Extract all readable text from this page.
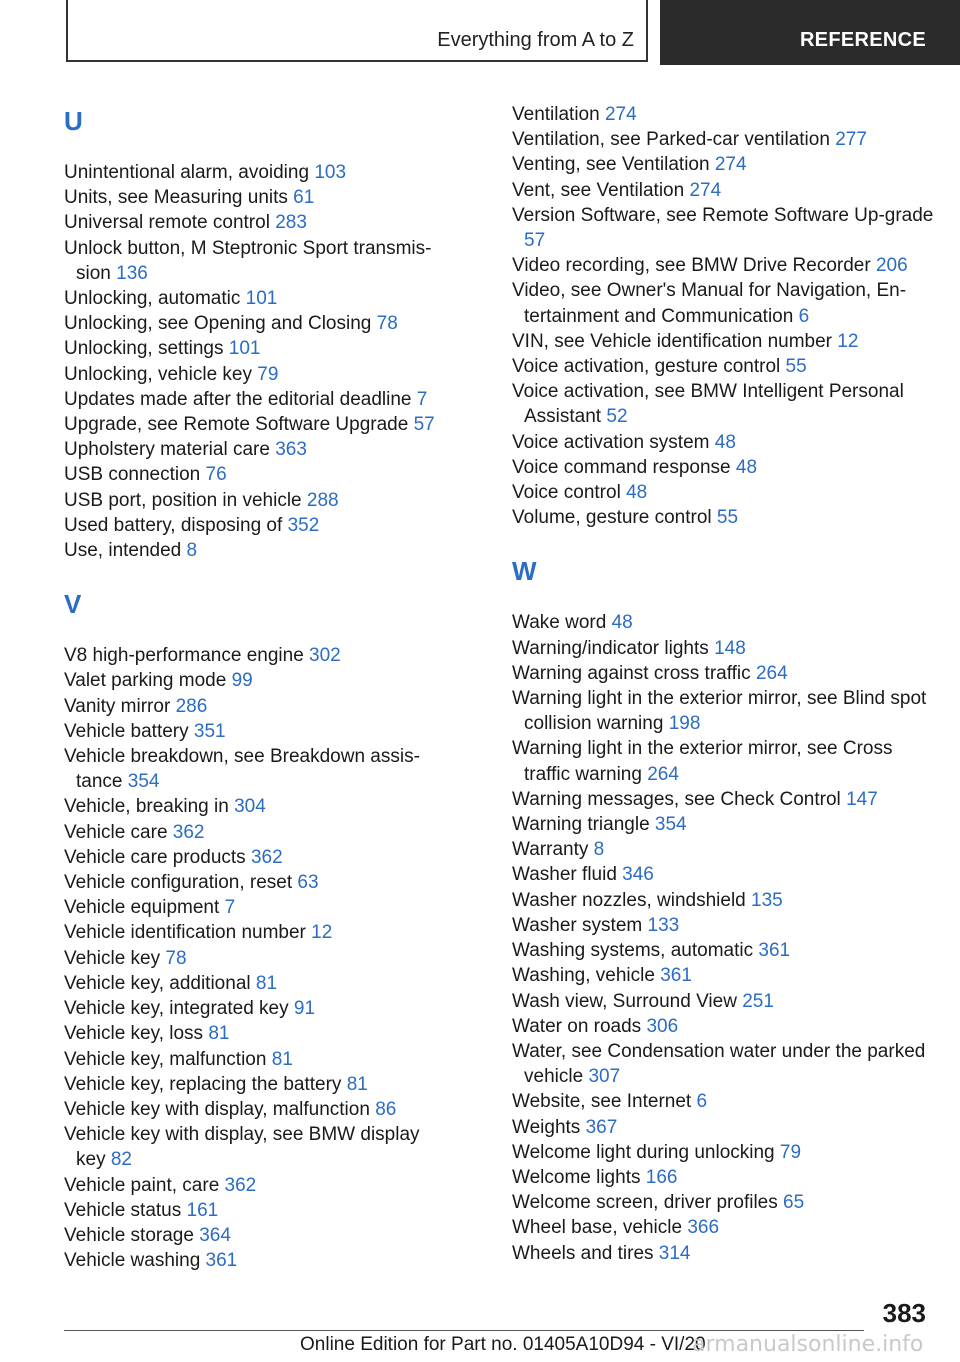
Everything from A to Z	REFERENCE
U
Unintentional alarm, avoiding 103
Units, see Measuring units 61
Universal remote control 283
Unlock button, M Steptronic Sport transmis‐sion 136
Unlocking, automatic 101
Unlocking, see Opening and Closing 78
Unlocking, settings 101
Unlocking, vehicle key 79
Updates made after the editorial deadline 7
Upgrade, see Remote Software Upgrade 57
Upholstery material care 363
USB connection 76
USB port, position in vehicle 288
Used battery, disposing of 352
Use, intended 8
V
V8 high-performance engine 302
Valet parking mode 99
Vanity mirror 286
Vehicle battery 351
Vehicle breakdown, see Breakdown assis‐tance 354
Vehicle, breaking in 304
Vehicle care 362
Vehicle care products 362
Vehicle configuration, reset 63
Vehicle equipment 7
Vehicle identification number 12
Vehicle key 78
Vehicle key, additional 81
Vehicle key, integrated key 91
Vehicle key, loss 81
Vehicle key, malfunction 81
Vehicle key, replacing the battery 81
Vehicle key with display, malfunction 86
Vehicle key with display, see BMW display key 82
Vehicle paint, care 362
Vehicle status 161
Vehicle storage 364
Vehicle washing 361
Ventilation 274
Ventilation, see Parked-car ventilation 277
Venting, see Ventilation 274
Vent, see Ventilation 274
Version Software, see Remote Software Up‐grade 57
Video recording, see BMW Drive Recorder 206
Video, see Owner's Manual for Navigation, En‐tertainment and Communication 6
VIN, see Vehicle identification number 12
Voice activation, gesture control 55
Voice activation, see BMW Intelligent Personal Assistant 52
Voice activation system 48
Voice command response 48
Voice control 48
Volume, gesture control 55
W
Wake word 48
Warning/indicator lights 148
Warning against cross traffic 264
Warning light in the exterior mirror, see Blind spot collision warning 198
Warning light in the exterior mirror, see Cross traffic warning 264
Warning messages, see Check Control 147
Warning triangle 354
Warranty 8
Washer fluid 346
Washer nozzles, windshield 135
Washer system 133
Washing systems, automatic 361
Washing, vehicle 361
Wash view, Surround View 251
Water on roads 306
Water, see Condensation water under the parked vehicle 307
Website, see Internet 6
Weights 367
Welcome light during unlocking 79
Welcome lights 166
Welcome screen, driver profiles 65
Wheel base, vehicle 366
Wheels and tires 314
383
Online Edition for Part no. 01405A10D94 - VI/20
armanualsonline.info
